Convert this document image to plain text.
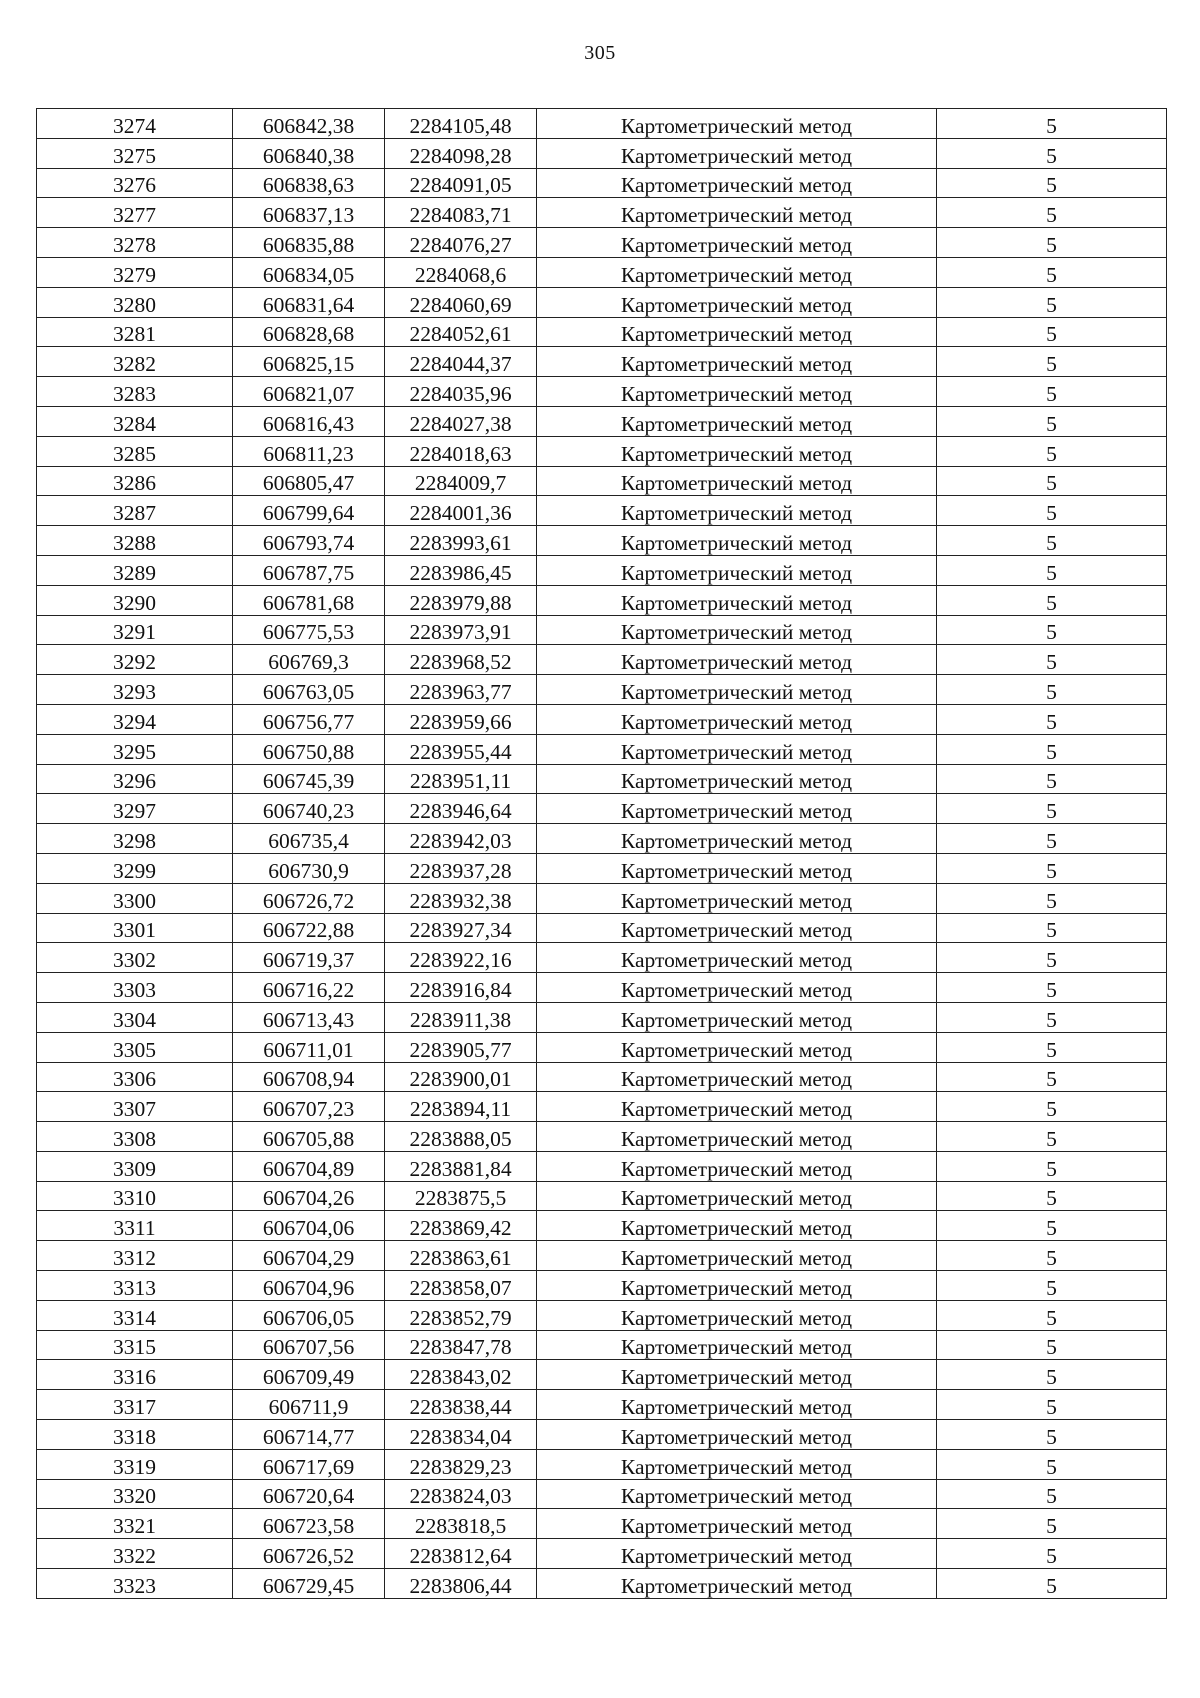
305
3274	606842,38	2284105,48	Картометрический метод	5
3275	606840,38	2284098,28	Картометрический метод	5
3276	606838,63	2284091,05	Картометрический метод	5
3277	606837,13	2284083,71	Картометрический метод	5
3278	606835,88	2284076,27	Картометрический метод	5
3279	606834,05	2284068,6	Картометрический метод	5
3280	606831,64	2284060,69	Картометрический метод	5
3281	606828,68	2284052,61	Картометрический метод	5
3282	606825,15	2284044,37	Картометрический метод	5
3283	606821,07	2284035,96	Картометрический метод	5
3284	606816,43	2284027,38	Картометрический метод	5
3285	606811,23	2284018,63	Картометрический метод	5
3286	606805,47	2284009,7	Картометрический метод	5
3287	606799,64	2284001,36	Картометрический метод	5
3288	606793,74	2283993,61	Картометрический метод	5
3289	606787,75	2283986,45	Картометрический метод	5
3290	606781,68	2283979,88	Картометрический метод	5
3291	606775,53	2283973,91	Картометрический метод	5
3292	606769,3	2283968,52	Картометрический метод	5
3293	606763,05	2283963,77	Картометрический метод	5
3294	606756,77	2283959,66	Картометрический метод	5
3295	606750,88	2283955,44	Картометрический метод	5
3296	606745,39	2283951,11	Картометрический метод	5
3297	606740,23	2283946,64	Картометрический метод	5
3298	606735,4	2283942,03	Картометрический метод	5
3299	606730,9	2283937,28	Картометрический метод	5
3300	606726,72	2283932,38	Картометрический метод	5
3301	606722,88	2283927,34	Картометрический метод	5
3302	606719,37	2283922,16	Картометрический метод	5
3303	606716,22	2283916,84	Картометрический метод	5
3304	606713,43	2283911,38	Картометрический метод	5
3305	606711,01	2283905,77	Картометрический метод	5
3306	606708,94	2283900,01	Картометрический метод	5
3307	606707,23	2283894,11	Картометрический метод	5
3308	606705,88	2283888,05	Картометрический метод	5
3309	606704,89	2283881,84	Картометрический метод	5
3310	606704,26	2283875,5	Картометрический метод	5
3311	606704,06	2283869,42	Картометрический метод	5
3312	606704,29	2283863,61	Картометрический метод	5
3313	606704,96	2283858,07	Картометрический метод	5
3314	606706,05	2283852,79	Картометрический метод	5
3315	606707,56	2283847,78	Картометрический метод	5
3316	606709,49	2283843,02	Картометрический метод	5
3317	606711,9	2283838,44	Картометрический метод	5
3318	606714,77	2283834,04	Картометрический метод	5
3319	606717,69	2283829,23	Картометрический метод	5
3320	606720,64	2283824,03	Картометрический метод	5
3321	606723,58	2283818,5	Картометрический метод	5
3322	606726,52	2283812,64	Картометрический метод	5
3323	606729,45	2283806,44	Картометрический метод	5
